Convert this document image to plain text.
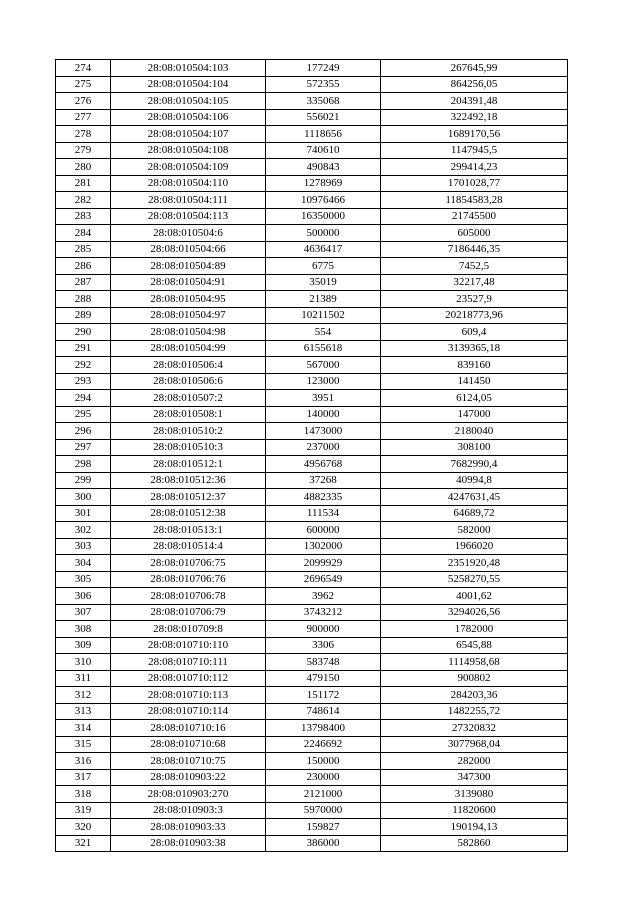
274	28:08:010504:103	177249	267645,99
275	28:08:010504:104	572355	864256,05
276	28:08:010504:105	335068	204391,48
277	28:08:010504:106	556021	322492,18
278	28:08:010504:107	1118656	1689170,56
279	28:08:010504:108	740610	1147945,5
280	28:08:010504:109	490843	299414,23
281	28:08:010504:110	1278969	1701028,77
282	28:08:010504:111	10976466	11854583,28
283	28:08:010504:113	16350000	21745500
284	28:08:010504:6	500000	605000
285	28:08:010504:66	4636417	7186446,35
286	28:08:010504:89	6775	7452,5
287	28:08:010504:91	35019	32217,48
288	28:08:010504:95	21389	23527,9
289	28:08:010504:97	10211502	20218773,96
290	28:08:010504:98	554	609,4
291	28:08:010504:99	6155618	3139365,18
292	28:08:010506:4	567000	839160
293	28:08:010506:6	123000	141450
294	28:08:010507:2	3951	6124,05
295	28:08:010508:1	140000	147000
296	28:08:010510:2	1473000	2180040
297	28:08:010510:3	237000	308100
298	28:08:010512:1	4956768	7682990,4
299	28:08:010512:36	37268	40994,8
300	28:08:010512:37	4882335	4247631,45
301	28:08:010512:38	111534	64689,72
302	28:08:010513:1	600000	582000
303	28:08:010514:4	1302000	1966020
304	28:08:010706:75	2099929	2351920,48
305	28:08:010706:76	2696549	5258270,55
306	28:08:010706:78	3962	4001,62
307	28:08:010706:79	3743212	3294026,56
308	28:08:010709:8	900000	1782000
309	28:08:010710:110	3306	6545,88
310	28:08:010710:111	583748	1114958,68
311	28:08:010710:112	479150	900802
312	28:08:010710:113	151172	284203,36
313	28:08:010710:114	748614	1482255,72
314	28:08:010710:16	13798400	27320832
315	28:08:010710:68	2246692	3077968,04
316	28:08:010710:75	150000	282000
317	28:08:010903:22	230000	347300
318	28:08:010903:270	2121000	3139080
319	28:08:010903:3	5970000	11820600
320	28:08:010903:33	159827	190194,13
321	28:08:010903:38	386000	582860
